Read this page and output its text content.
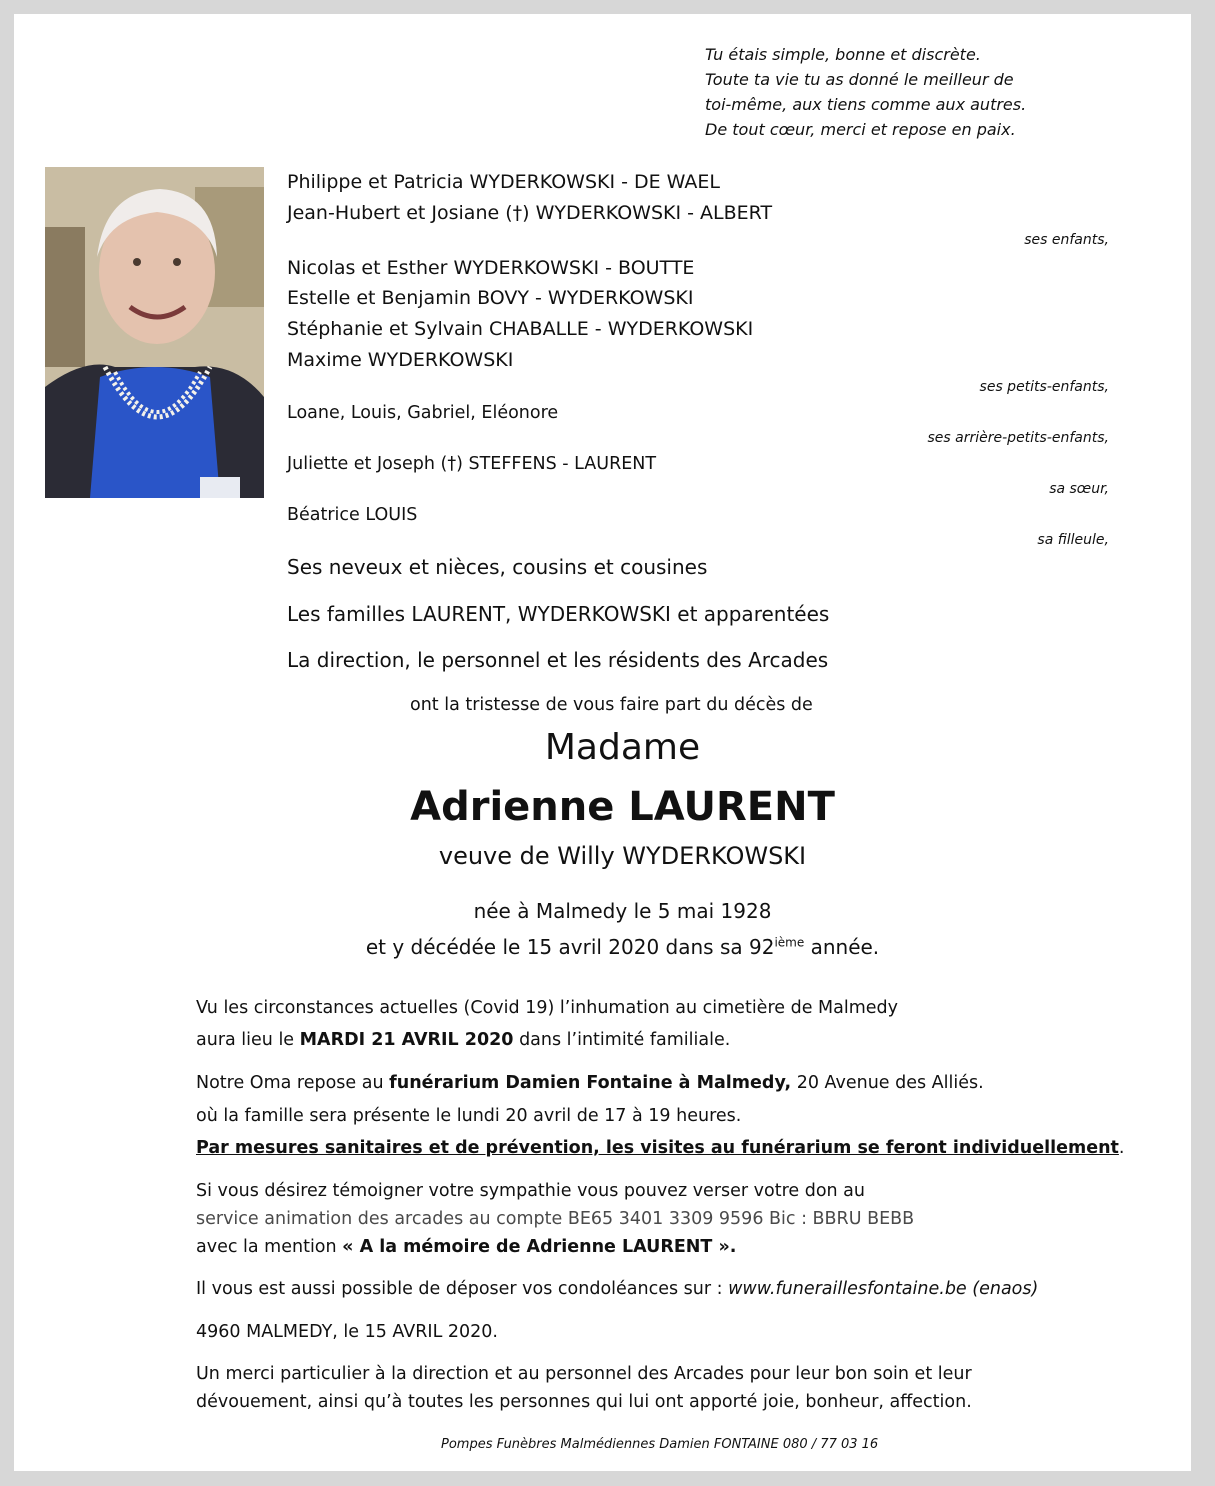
Tu étais simple, bonne et discrète.
Toute ta vie tu as donné le meilleur de
toi-même, aux tiens comme aux autres.
De tout cœur, merci et repose en paix.
Philippe et Patricia WYDERKOWSKI - DE WAEL
Jean-Hubert et Josiane (†) WYDERKOWSKI - ALBERT
ses enfants,
Nicolas et Esther WYDERKOWSKI - BOUTTE
Estelle et Benjamin BOVY - WYDERKOWSKI
Stéphanie et Sylvain CHABALLE - WYDERKOWSKI
Maxime WYDERKOWSKI
ses petits-enfants,
Loane, Louis, Gabriel, Eléonore
ses arrière-petits-enfants,
Juliette et Joseph (†) STEFFENS - LAURENT
sa sœur,
Béatrice LOUIS
sa filleule,
Ses neveux et nièces, cousins et cousines
Les familles LAURENT, WYDERKOWSKI et apparentées
La direction, le personnel et les résidents des Arcades
ont la tristesse de vous faire part du décès de
Madame
Adrienne LAURENT
veuve de Willy WYDERKOWSKI
née à Malmedy le 5 mai 1928
et y décédée le 15 avril 2020 dans sa 92ième année.
Vu les circonstances actuelles (Covid 19) l’inhumation au cimetière de Malmedy
aura lieu le MARDI 21 AVRIL 2020 dans l’intimité familiale.
Notre Oma repose au funérarium Damien Fontaine à Malmedy, 20 Avenue des Alliés.
où la famille sera présente le lundi 20 avril de 17 à 19 heures.
Par mesures sanitaires et de prévention, les visites au funérarium se feront individuellement.
Si vous désirez témoigner votre sympathie vous pouvez verser votre don au
service animation des arcades au compte BE65 3401 3309 9596 Bic : BBRU BEBB
avec la mention « A la mémoire de Adrienne LAURENT ».
Il vous est aussi possible de déposer vos condoléances sur : www.funeraillesfontaine.be (enaos)
4960 MALMEDY, le 15 AVRIL 2020.
Un merci particulier à la direction et au personnel des Arcades pour leur bon soin et leur
dévouement, ainsi qu’à toutes les personnes qui lui ont apporté joie, bonheur, affection.
Pompes Funèbres Malmédiennes Damien FONTAINE 080 / 77 03 16
